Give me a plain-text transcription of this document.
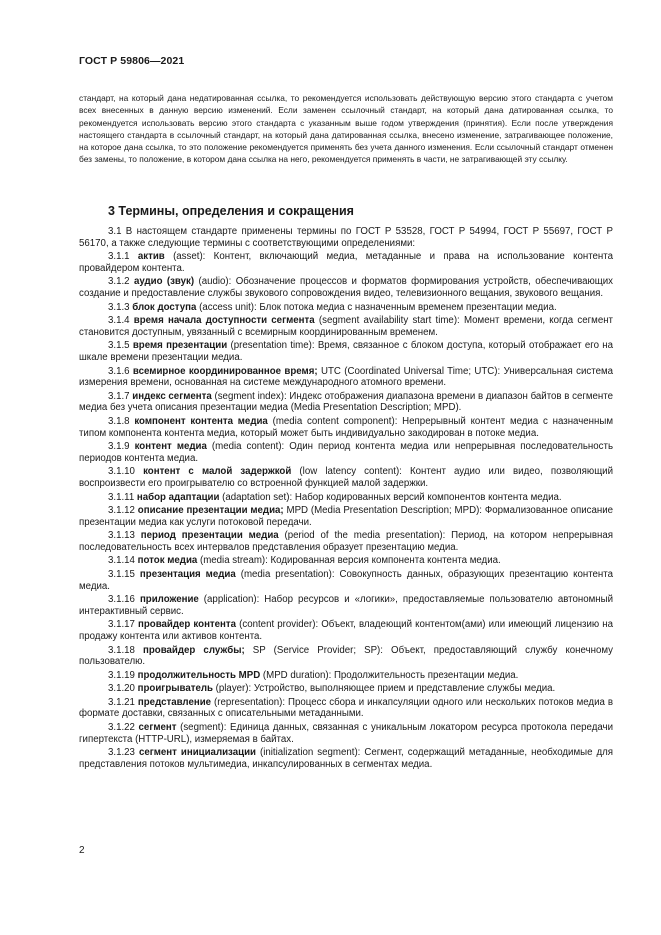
ГОСТ Р 59806—2021

стандарт, на который дана недатированная ссылка, то рекомендуется использовать действующую версию этого стандарта с учетом всех внесенных в данную версию изменений. Если заменен ссылочный стандарт, на который дана датированная ссылка, то рекомендуется использовать версию этого стандарта с указанным выше годом утверждения (принятия). Если после утверждения настоящего стандарта в ссылочный стандарт, на который дана датированная ссылка, внесено изменение, затрагивающее положение, на которое дана ссылка, то это положение рекомендуется применять без учета данного изменения. Если ссылочный стандарт отменен без замены, то положение, в котором дана ссылка на него, рекомендуется применять в части, не затрагивающей эту ссылку.

3 Термины, определения и сокращения

3.1 В настоящем стандарте применены термины по ГОСТ Р 53528, ГОСТ Р 54994, ГОСТ Р 55697, ГОСТ Р 56170, а также следующие термины с соответствующими определениями:

3.1.1 актив (asset): Контент, включающий медиа, метаданные и права на использование контента провайдером контента.

3.1.2 аудио (звук) (audio): Обозначение процессов и форматов формирования устройств, обеспечивающих создание и предоставление службы звукового сопровождения видео, телевизионного вещания, звукового вещания.

3.1.3 блок доступа (access unit): Блок потока медиа с назначенным временем презентации медиа.

3.1.4 время начала доступности сегмента (segment availability start time): Момент времени, когда сегмент становится доступным, увязанный с всемирным координированным временем.

3.1.5 время презентации (presentation time): Время, связанное с блоком доступа, который отображает его на шкале времени презентации медиа.

3.1.6 всемирное координированное время; UTC (Coordinated Universal Time; UTC): Универсальная система измерения времени, основанная на системе международного атомного времени.

3.1.7 индекс сегмента (segment index): Индекс отображения диапазона времени в диапазон байтов в сегменте медиа без учета описания презентации медиа (Media Presentation Description; MPD).

3.1.8 компонент контента медиа (media content component): Непрерывный контент медиа с назначенным типом компонента контента медиа, который может быть индивидуально закодирован в потоке медиа.

3.1.9 контент медиа (media content): Один период контента медиа или непрерывная последовательность периодов контента медиа.

3.1.10 контент с малой задержкой (low latency content): Контент аудио или видео, позволяющий воспроизвести его проигрывателю со встроенной функцией малой задержки.

3.1.11 набор адаптации (adaptation set): Набор кодированных версий компонентов контента медиа.

3.1.12 описание презентации медиа; MPD (Media Presentation Description; MPD): Формализованное описание презентации медиа как услуги потоковой передачи.

3.1.13 период презентации медиа (period of the media presentation): Период, на котором непрерывная последовательность всех интервалов представления образует презентацию медиа.

3.1.14 поток медиа (media stream): Кодированная версия компонента контента медиа.

3.1.15 презентация медиа (media presentation): Совокупность данных, образующих презентацию контента медиа.

3.1.16 приложение (application): Набор ресурсов и «логики», предоставляемые пользователю автономный интерактивный сервис.

3.1.17 провайдер контента (content provider): Объект, владеющий контентом(ами) или имеющий лицензию на продажу контента или активов контента.

3.1.18 провайдер службы; SP (Service Provider; SP): Объект, предоставляющий службу конечному пользователю.

3.1.19 продолжительность MPD (MPD duration): Продолжительность презентации медиа.

3.1.20 проигрыватель (player): Устройство, выполняющее прием и представление службы медиа.

3.1.21 представление (representation): Процесс сбора и инкапсуляции одного или нескольких потоков медиа в формате доставки, связанных с описательными метаданными.

3.1.22 сегмент (segment): Единица данных, связанная с уникальным локатором ресурса протокола передачи гипертекста (HTTP-URL), измеряемая в байтах.

3.1.23 сегмент инициализации (initialization segment): Сегмент, содержащий метаданные, необходимые для представления потоков мультимедиа, инкапсулированных в сегментах медиа.

2
